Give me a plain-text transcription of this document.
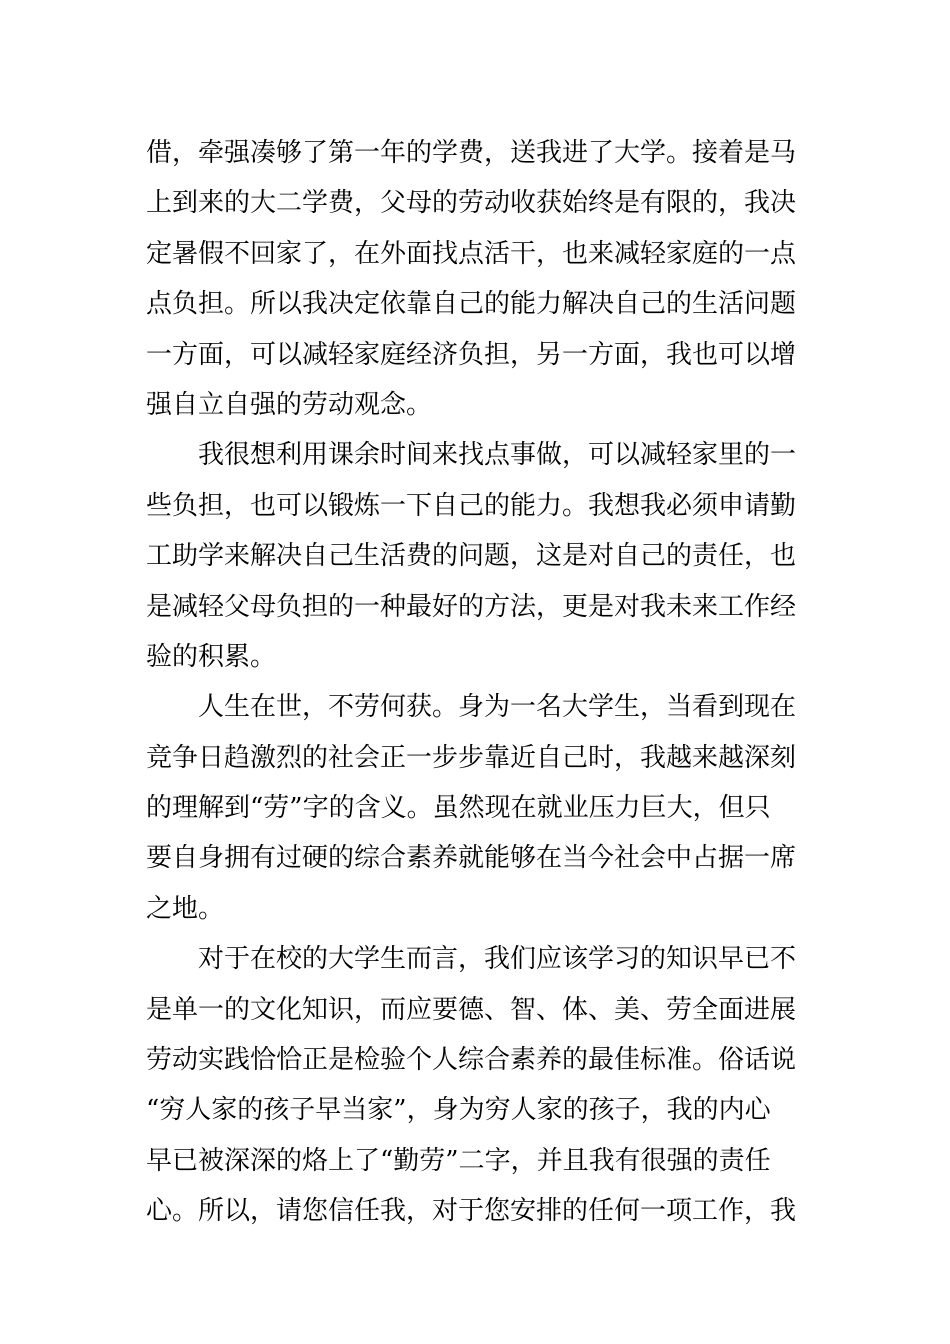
借，牵强凑够了第一年的学费，送我进了大学。接着是马
上到来的大二学费，父母的劳动收获始终是有限的，我决
定暑假不回家了，在外面找点活干，也来减轻家庭的一点
点负担。所以我决定依靠自己的能力解决自己的生活问题
一方面，可以减轻家庭经济负担，另一方面，我也可以增
强自立自强的劳动观念。
我很想利用课余时间来找点事做，可以减轻家里的一
些负担，也可以锻炼一下自己的能力。我想我必须申请勤
工助学来解决自己生活费的问题，这是对自己的责任，也
是减轻父母负担的一种最好的方法，更是对我未来工作经
验的积累。
人生在世，不劳何获。身为一名大学生，当看到现在
竞争日趋激烈的社会正一步步靠近自己时，我越来越深刻
的理解到“劳”字的含义。虽然现在就业压力巨大，但只
要自身拥有过硬的综合素养就能够在当今社会中占据一席
之地。
对于在校的大学生而言，我们应该学习的知识早已不
是单一的文化知识，而应要德、智、体、美、劳全面进展
劳动实践恰恰正是检验个人综合素养的最佳标准。俗话说
“穷人家的孩子早当家”，身为穷人家的孩子，我的内心
早已被深深的烙上了“勤劳”二字，并且我有很强的责任
心。所以，请您信任我，对于您安排的任何一项工作，我
